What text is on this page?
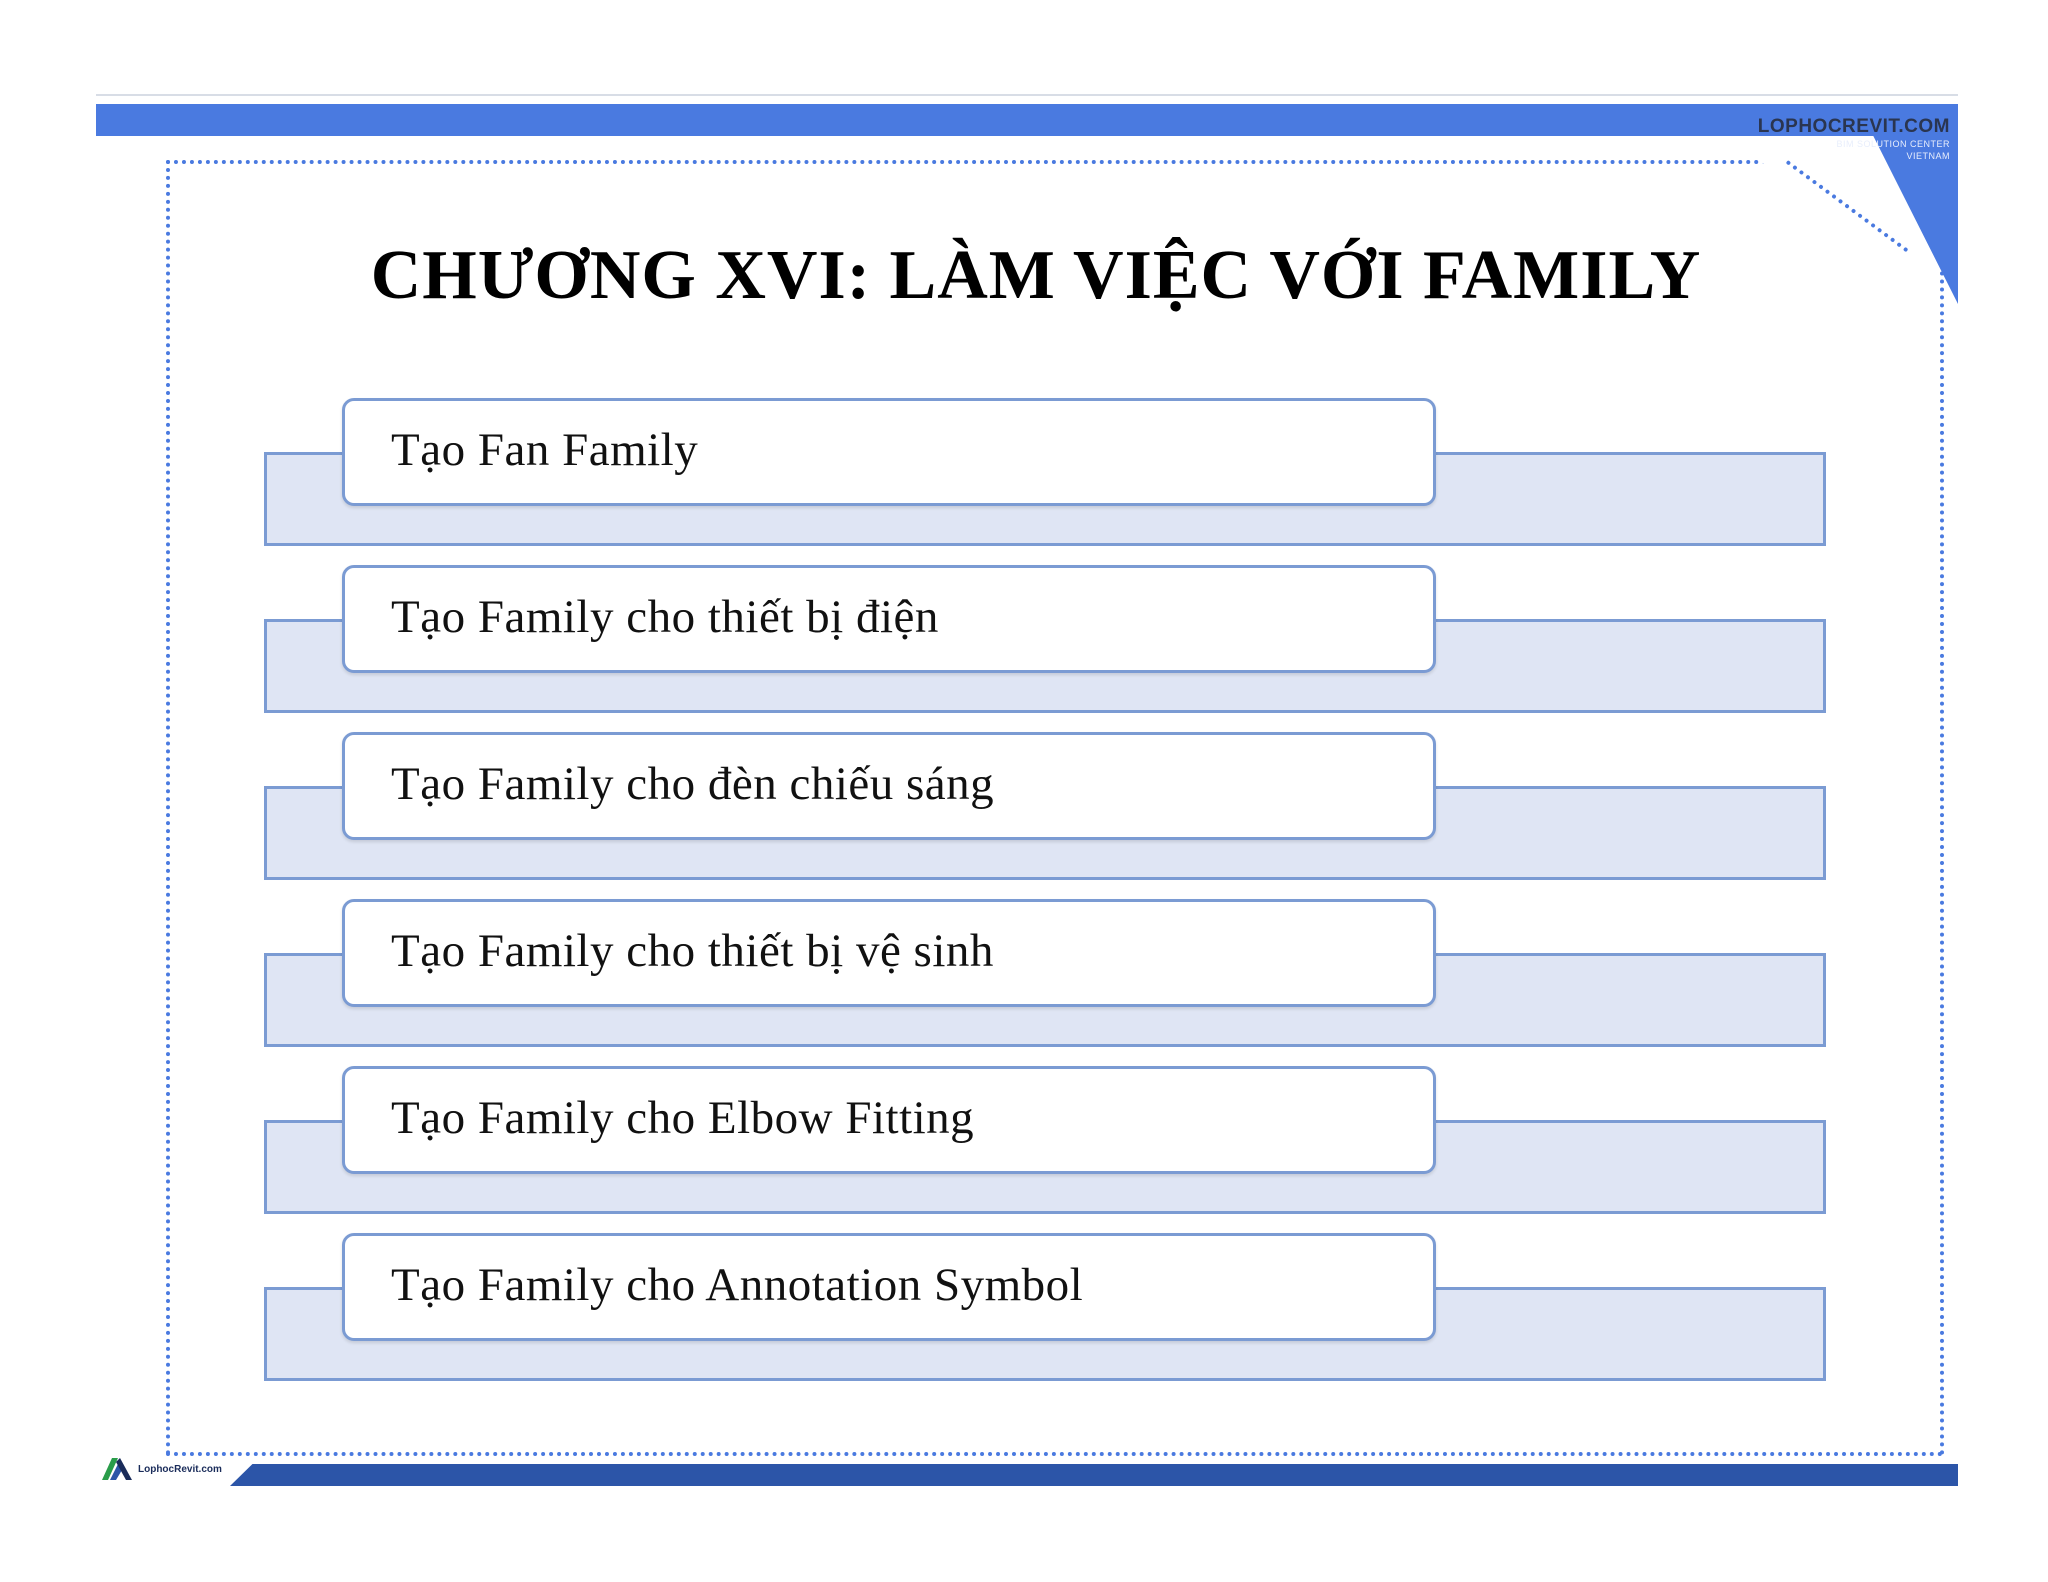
LOPHOCREVIT.COM
BIM SOLUTION CENTER
VIETNAM
CHƯƠNG XVI: LÀM VIỆC VỚI FAMILY
Tạo Fan Family
Tạo Family cho thiết bị điện
Tạo Family cho đèn chiếu sáng
Tạo Family cho thiết bị vệ sinh
Tạo Family cho Elbow Fitting
Tạo Family cho Annotation Symbol
LophocRevit.com
